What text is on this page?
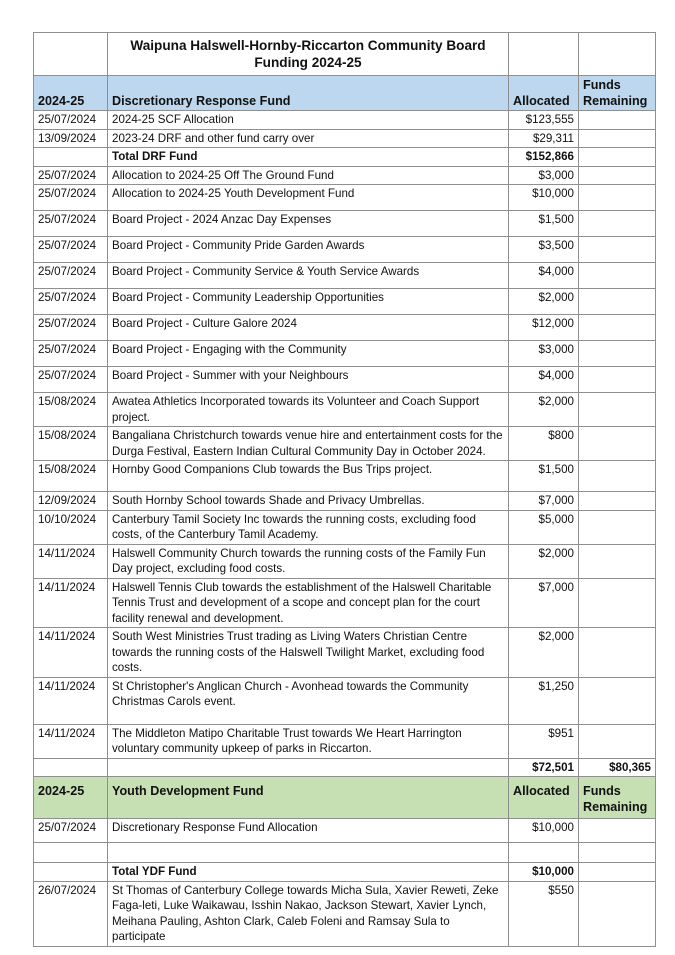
	Waipuna Halswell-Hornby-Riccarton Community Board
Funding 2024-25		

2024-25	Discretionary Response Fund	Allocated	Funds Remaining
25/07/2024	2024-25 SCF Allocation	$123,555	
13/09/2024	2023-24 DRF and other fund carry over	$29,311	
	Total DRF Fund	$152,866	
25/07/2024	Allocation to 2024-25 Off The Ground Fund	$3,000	
25/07/2024	Allocation to 2024-25 Youth Development Fund	$10,000	
25/07/2024	Board Project - 2024 Anzac Day Expenses	$1,500	
25/07/2024	Board Project - Community Pride Garden Awards	$3,500	
25/07/2024	Board Project - Community Service & Youth Service Awards	$4,000	
25/07/2024	Board Project - Community Leadership Opportunities	$2,000	
25/07/2024	Board Project - Culture Galore 2024	$12,000	
25/07/2024	Board Project - Engaging with the Community	$3,000	
25/07/2024	Board Project - Summer with your Neighbours	$4,000	
15/08/2024	Awatea Athletics Incorporated towards its Volunteer and Coach Support project.	$2,000	
15/08/2024	Bangaliana Christchurch towards venue hire and entertainment costs for the Durga Festival, Eastern Indian Cultural Community Day in October 2024.	$800	
15/08/2024	Hornby Good Companions Club towards the Bus Trips project.	$1,500	
12/09/2024	South Hornby School towards Shade and Privacy Umbrellas.	$7,000	
10/10/2024	Canterbury Tamil Society Inc towards the running costs, excluding food costs, of the Canterbury Tamil Academy.	$5,000	
14/11/2024	Halswell Community Church towards the running costs of the Family Fun Day project, excluding food costs.	$2,000	
14/11/2024	Halswell Tennis Club towards the establishment of the Halswell Charitable Tennis Trust and development of a scope and concept plan for the court facility renewal and development.	$7,000	
14/11/2024	South West Ministries Trust trading as Living Waters Christian Centre towards the running costs of the Halswell Twilight Market, excluding food costs.	$2,000	
14/11/2024	St Christopher's Anglican Church - Avonhead towards the Community Christmas Carols event.	$1,250	
14/11/2024	The Middleton Matipo Charitable Trust towards We Heart Harrington voluntary community upkeep of parks in Riccarton.	$951	
		$72,501	$80,365
2024-25	Youth Development Fund	Allocated	Funds Remaining
25/07/2024	Discretionary Response Fund Allocation	$10,000	

	Total YDF Fund	$10,000	
26/07/2024	St Thomas of Canterbury College towards Micha Sula, Xavier Reweti, Zeke Faga-leti, Luke Waikawau, Isshin Nakao, Jackson Stewart, Xavier Lynch, Meihana Pauling, Ashton Clark, Caleb Foleni and Ramsay Sula to participate	$550	
